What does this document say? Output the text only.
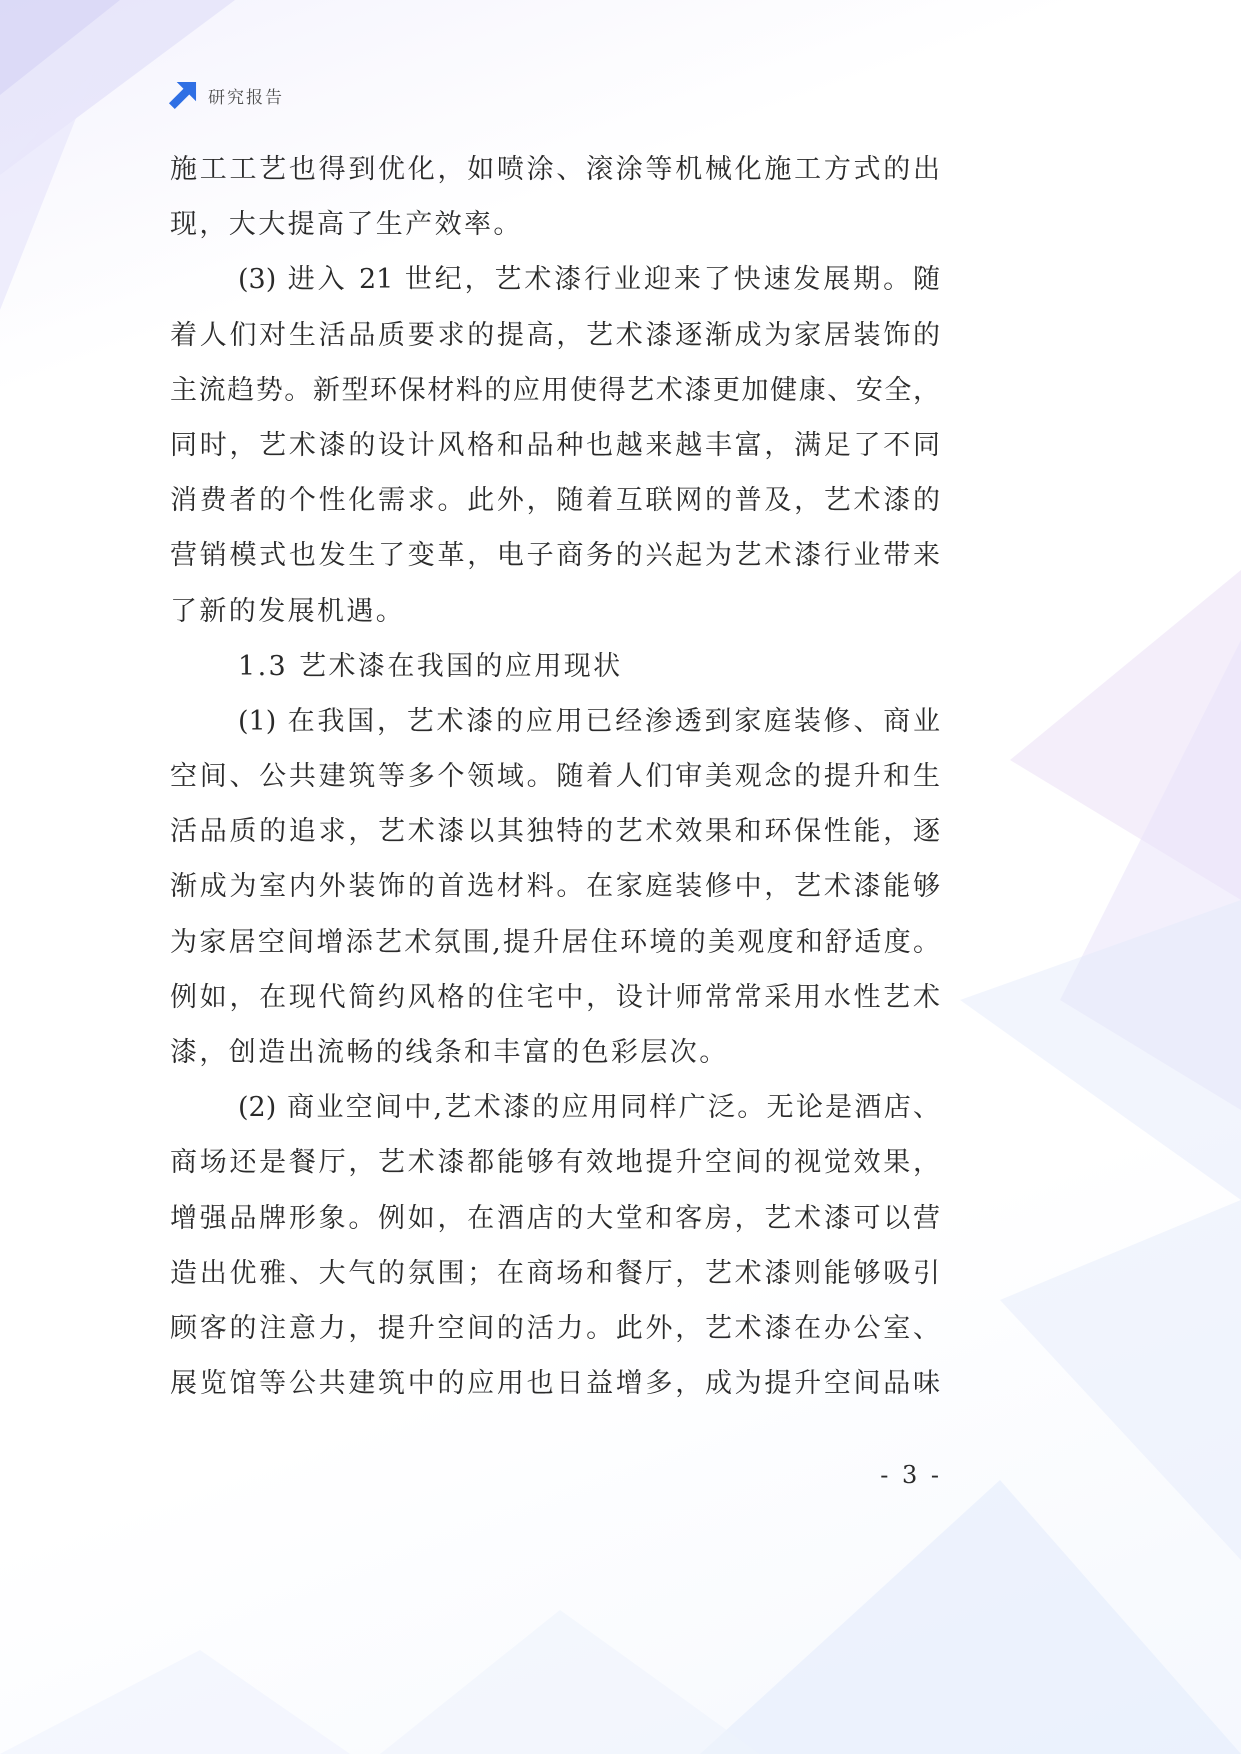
研究报告
施工工艺也得到优化，如喷涂、滚涂等机械化施工方式的出
现，大大提高了生产效率。
(3) 进入 21 世纪，艺术漆行业迎来了快速发展期。随
着人们对生活品质要求的提高，艺术漆逐渐成为家居装饰的
主流趋势。新型环保材料的应用使得艺术漆更加健康、安全，
同时，艺术漆的设计风格和品种也越来越丰富，满足了不同
消费者的个性化需求。此外，随着互联网的普及，艺术漆的
营销模式也发生了变革，电子商务的兴起为艺术漆行业带来
了新的发展机遇。
1.3 艺术漆在我国的应用现状
(1) 在我国，艺术漆的应用已经渗透到家庭装修、商业
空间、公共建筑等多个领域。随着人们审美观念的提升和生
活品质的追求，艺术漆以其独特的艺术效果和环保性能，逐
渐成为室内外装饰的首选材料。在家庭装修中，艺术漆能够
为家居空间增添艺术氛围,提升居住环境的美观度和舒适度。
例如，在现代简约风格的住宅中，设计师常常采用水性艺术
漆，创造出流畅的线条和丰富的色彩层次。
(2) 商业空间中,艺术漆的应用同样广泛。无论是酒店、
商场还是餐厅，艺术漆都能够有效地提升空间的视觉效果，
增强品牌形象。例如，在酒店的大堂和客房，艺术漆可以营
造出优雅、大气的氛围；在商场和餐厅，艺术漆则能够吸引
顾客的注意力，提升空间的活力。此外，艺术漆在办公室、
展览馆等公共建筑中的应用也日益增多，成为提升空间品味
- 3 -
